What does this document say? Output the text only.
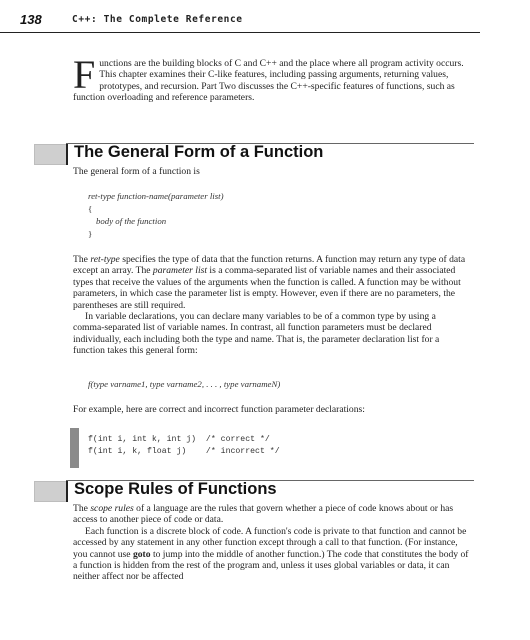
138	C++: The Complete Reference

Functions are the building blocks of C and C++ and the place where all program activity occurs. This chapter examines their C-like features, including passing arguments, returning values, prototypes, and recursion. Part Two discusses the C++-specific features of functions, such as function overloading and reference parameters.

The General Form of a Function

The general form of a function is

ret-type function-name(parameter list)
{
body of the function
}

The ret-type specifies the type of data that the function returns. A function may return any type of data except an array. The parameter list is a comma-separated list of variable names and their associated types that receive the values of the arguments when the function is called. A function may be without parameters, in which case the parameter list is empty. However, even if there are no parameters, the parentheses are still required.

In variable declarations, you can declare many variables to be of a common type by using a comma-separated list of variable names. In contrast, all function parameters must be declared individually, each including both the type and name. That is, the parameter declaration list for a function takes this general form:

f(type varname1, type varname2, . . . , type varnameN)

For example, here are correct and incorrect function parameter declarations:

f(int i, int k, int j)  /* correct */
f(int i, k, float j)    /* incorrect */
Scope Rules of Functions

The scope rules of a language are the rules that govern whether a piece of code knows about or has access to another piece of code or data.

Each function is a discrete block of code. A function's code is private to that function and cannot be accessed by any statement in any other function except through a call to that function. (For instance, you cannot use goto to jump into the middle of another function.) The code that constitutes the body of a function is hidden from the rest of the program and, unless it uses global variables or data, it can neither affect nor be affected
